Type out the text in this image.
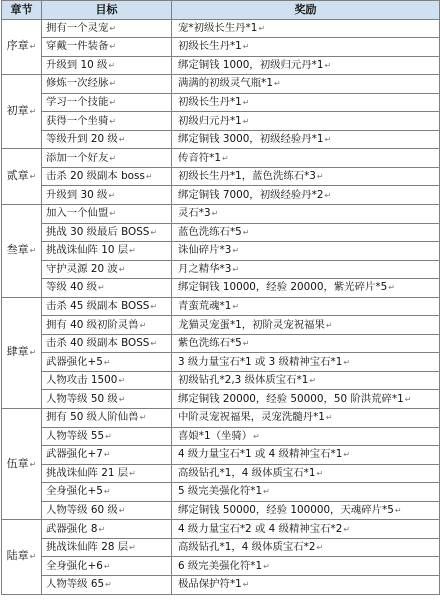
章节	目标	奖励
序章↵	拥有一个灵宠↵	宠*初级长生丹*1↵
	穿戴一件装备↵	初级长生丹*1↵
	升级到 10 级↵	绑定铜钱 1000，初级归元丹*1↵
初章↵	修炼一次经脉↵	满满的初级灵气瓶*1↵
	学习一个技能↵	初级长生丹*1↵
	获得一个坐骑↵	初级归元丹*1↵
	等级升到 20 级↵	绑定铜钱 3000，初级经验丹*1↵
贰章↵	添加一个好友↵	传音符*1↵
	击杀 20 级副本 boss↵	初级长生丹*1，蓝色洗练石*3↵
	升级到 30 级↵	绑定铜钱 7000，初级经验丹*2↵
叁章↵	加入一个仙盟↵	灵石*3↵
	挑战 30 级最后 BOSS↵	蓝色洗练石*5↵
	挑战诛仙阵 10 层↵	诛仙碎片*3↵
	守护灵源 20 波↵	月之精华*3↵
	等级 40 级↵	绑定铜钱 10000，经验 20000，紫光碎片*5↵
肆章↵	击杀 45 级副本 BOSS↵	青蛮荒魂*1↵
	拥有 40 级初阶灵兽↵	龙猫灵宠蛋*1，初阶灵宠祝福果↵
	击杀 40 级副本 BOSS↵	紫色洗练石*5↵
	武器强化+5↵	3 级力量宝石*1 或 3 级精神宝石*1↵
	人物攻击 1500↵	初级钻孔*2,3 级体质宝石*1↵
	人物等级 50 级↵	绑定铜钱 20000，经验 50000，50 阶洪荒碎*1↵
伍章↵	拥有 50 级人阶仙兽↵	中阶灵宠祝福果，灵宠洗髓丹*1↵
	人物等级 55↵	喜娘*1（坐骑）↵
	武器强化+7↵	4 级力量宝石*1 或 4 级精神宝石*1↵
	挑战诛仙阵 21 层↵	高级钻孔*1，4 级体质宝石*1↵
	全身强化+5↵	5 级完美强化符*1↵
	人物等级 60 级↵	绑定铜钱 50000，经验 100000，天魂碎片*5↵
陆章↵	武器强化 8↵	4 级力量宝石*2 或 4 级精神宝石*2↵
	挑战诛仙阵 28 层↵	高级钻孔*1，4 级体质宝石*2↵
	全身强化+6↵	6 级完美强化符*1↵
	人物等级 65↵	极品保护符*1↵
